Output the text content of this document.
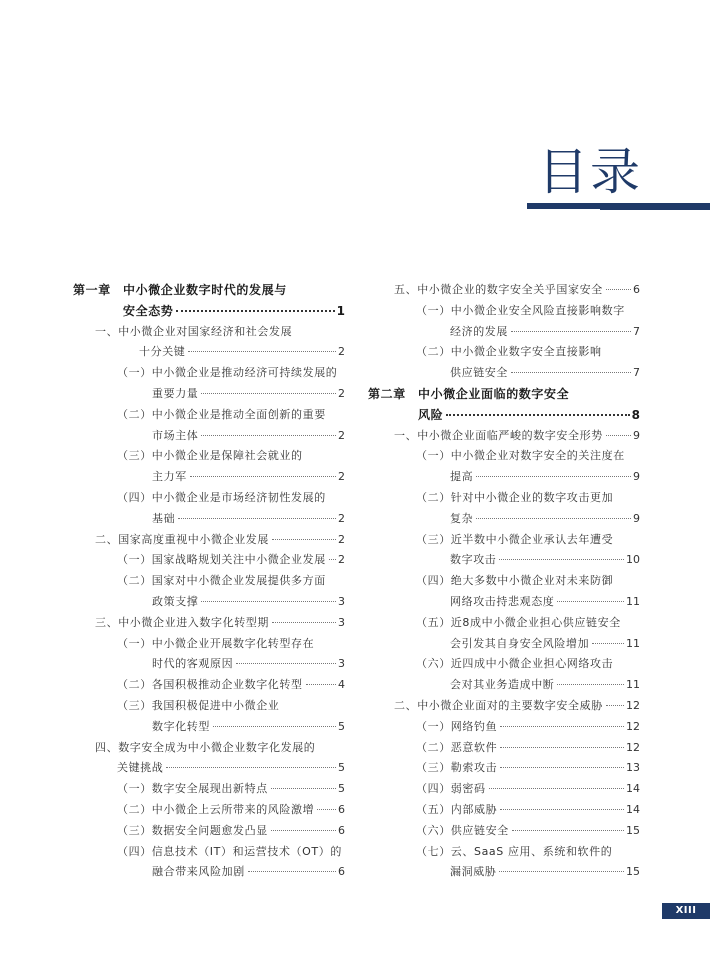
目录
第一章	中小微企业数字时代的发展与
安全态势	1
一、中小微企业对国家经济和社会发展
十分关键	2
（一）中小微企业是推动经济可持续发展的
重要力量	2
（二）中小微企业是推动全面创新的重要
市场主体	2
（三）中小微企业是保障社会就业的
主力军	2
（四）中小微企业是市场经济韧性发展的
基础	2
二、国家高度重视中小微企业发展	2
（一）国家战略规划关注中小微企业发展 2
（二）国家对中小微企业发展提供多方面
政策支撑	3
三、中小微企业进入数字化转型期	3
（一）中小微企业开展数字化转型存在
时代的客观原因	3
（二）各国积极推动企业数字化转型	4
（三）我国积极促进中小微企业
数字化转型	5
四、数字安全成为中小微企业数字化发展的
关键挑战	5
（一）数字安全展现出新特点	5
（二）中小微企上云所带来的风险激增 6
（三）数据安全问题愈发凸显	6
（四）信息技术（IT）和运营技术（OT）的
融合带来风险加剧	6
五、中小微企业的数字安全关乎国家安全	6
（一）中小微企业安全风险直接影响数字
经济的发展	7
（二）中小微企业数字安全直接影响
供应链安全	7
第二章	中小微企业面临的数字安全
风险	8
一、中小微企业面临严峻的数字安全形势	9
（一）中小微企业对数字安全的关注度在
提高	9
（二）针对中小微企业的数字攻击更加
复杂	9
（三）近半数中小微企业承认去年遭受
数字攻击	10
（四）绝大多数中小微企业对未来防御
网络攻击持悲观态度	11
（五）近8成中小微企业担心供应链安全
会引发其自身安全风险增加	11
（六）近四成中小微企业担心网络攻击
会对其业务造成中断	11
二、中小微企业面对的主要数字安全威胁 12
（一）网络钓鱼	12
（二）恶意软件	12
（三）勒索攻击	13
（四）弱密码	14
（五）内部威胁	14
（六）供应链安全	15
（七）云、SaaS 应用、系统和软件的
漏洞威胁	15
XIII
